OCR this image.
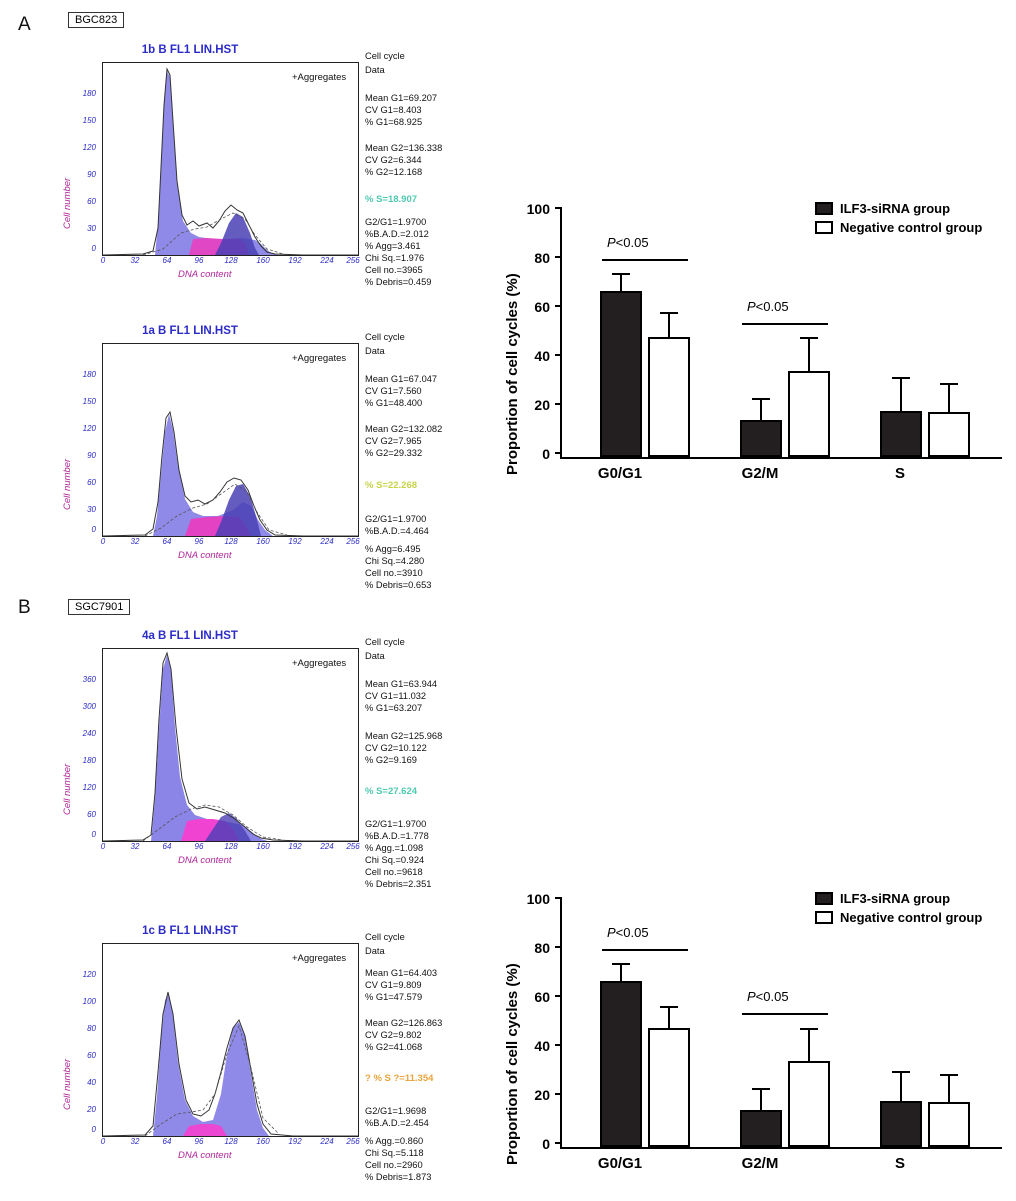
A	BGC823
B	SGC7901
1b B FL1 LIN.HST
Cell number
180
150
120
90
60
30
0
+Aggregates
0	32	64	96	128	160	192	224	256
DNA content
Cell cycle
Data
Mean G1=69.207
CV G1=8.403
% G1=68.925
Mean G2=136.338
CV G2=6.344
% G2=12.168
% S=18.907
G2/G1=1.9700
%B.A.D.=2.012
% Agg=3.461
Chi Sq.=1.976
Cell no.=3965
% Debris=0.459
1a B FL1 LIN.HST
Cell number
180
150
120
90
60
30
0
+Aggregates
0	32	64	96	128	160	192	224	256
DNA content
Cell cycle
Data
Mean G1=67.047
CV G1=7.560
% G1=48.400
Mean G2=132.082
CV G2=7.965
% G2=29.332
% S=22.268
G2/G1=1.9700
%B.A.D.=4.464
% Agg=6.495
Chi Sq.=4.280
Cell no.=3910
% Debris=0.653
4a B FL1 LIN.HST
Cell number
360
300
240
180
120
60
0
+Aggregates
0	32	64	96	128	160	192	224	256
DNA content
Cell cycle
Data
Mean G1=63.944
CV G1=11.032
% G1=63.207
Mean G2=125.968
CV G2=10.122
% G2=9.169
% S=27.624
G2/G1=1.9700
%B.A.D.=1.778
% Agg.=1.098
Chi Sq.=0.924
Cell no.=9618
% Debris=2.351
1c B FL1 LIN.HST
Cell number
120
100
80
60
40
20
0
+Aggregates
0	32	64	96	128	160	192	224	256
DNA content
Cell cycle
Data
Mean G1=64.403
CV G1=9.809
% G1=47.579
Mean G2=126.863
CV G2=9.802
% G2=41.068
? % S ?=11.354
G2/G1=1.9698
%B.A.D.=2.454
% Agg.=0.860
Chi Sq.=5.118
Cell no.=2960
% Debris=1.873
Proportion of cell cycles (%)
100
80
60
40
20
0
P<0.05
P<0.05
G0/G1	G2/M	S
ILF3-siRNA group
Negative control group
Proportion of cell cycles (%)
100
80
60
40
20
0
P<0.05
P<0.05
G0/G1	G2/M	S
ILF3-siRNA group
Negative control group
